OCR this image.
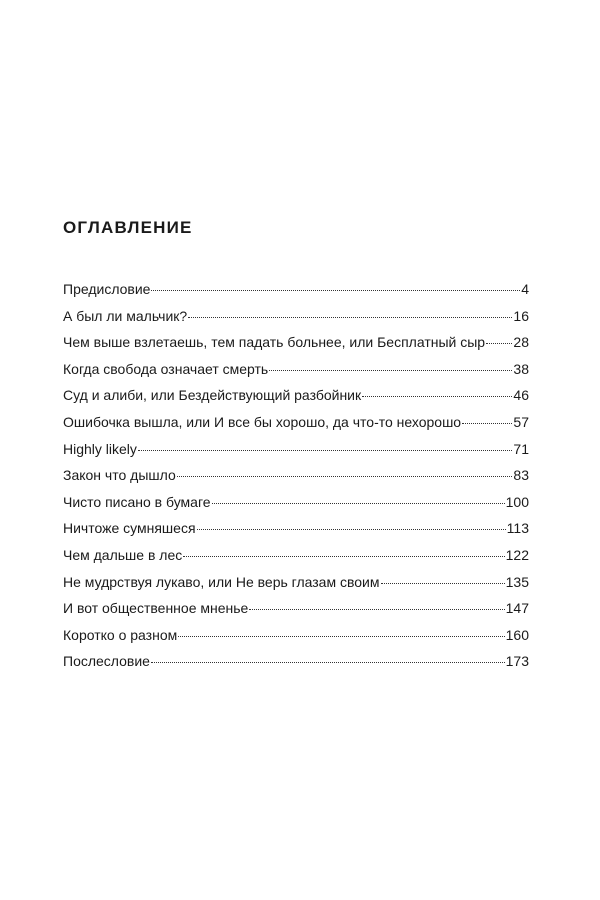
ОГЛАВЛЕНИЕ
Предисловие	4
А был ли мальчик?	16
Чем выше взлетаешь, тем падать больнее, или Бесплатный сыр 28
Когда свобода означает смерть	38
Суд и алиби, или Бездействующий разбойник	46
Ошибочка вышла, или И все бы хорошо, да что-то нехорошо	57
Highly likely	71
Закон что дышло	83
Чисто писано в бумаге	100
Ничтоже сумняшеся	113
Чем дальше в лес	122
Не мудрствуя лукаво, или Не верь глазам своим	135
И вот общественное мненье	147
Коротко о разном	160
Послесловие	173
